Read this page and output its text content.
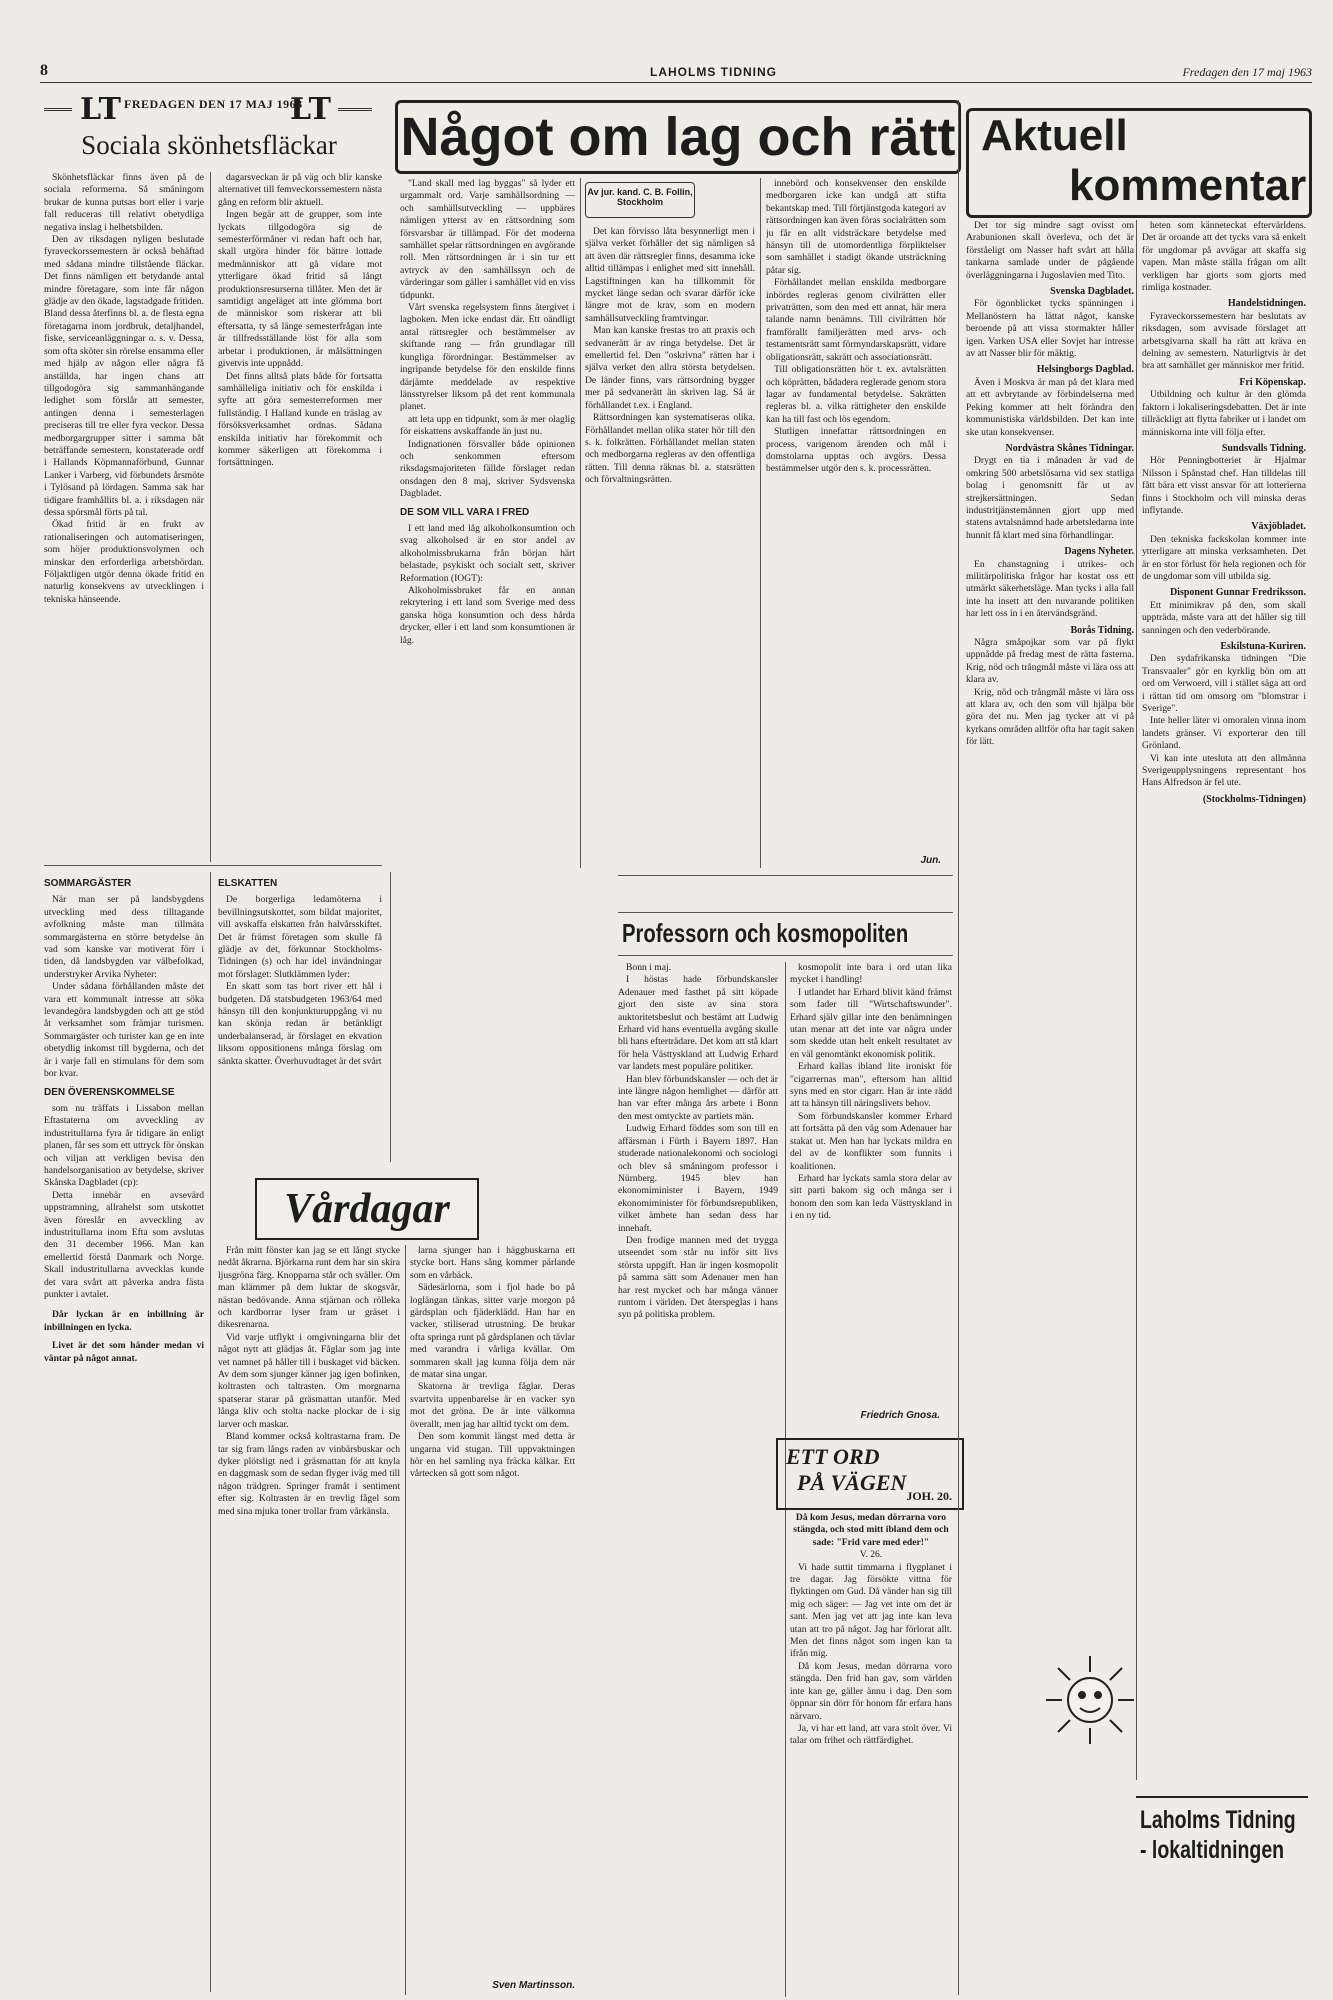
8	LAHOLMS TIDNING	Fredagen den 17 maj 1963
LT FREDAGEN DEN 17 MAJ 1963
LT
Sociala skönhetsfläckar

Skönhetsfläckar finns även på de sociala reformerna. Så småningom brukar de kunna putsas bort eller i varje fall reduceras till relativt obetydliga negativa inslag i helhetsbilden.

Den av riksdagen nyligen beslutade fyraveckorssemestern är också behäftad med sådana mindre tillstående fläckar. Det finns nämligen ett betydande antal mindre företagare, som inte får någon glädje av den ökade, lagstadgade fritiden. Bland dessa återfinns bl. a. de flesta egna företagarna inom jordbruk, detaljhandel, fiske, serviceanläggningar o. s. v. Dessa, som ofta sköter sin rörelse ensamma eller med hjälp av någon eller några få anställda, har ingen chans att tillgodogöra sig sammanhängande ledighet som förslår att semester, antingen denna i semesterlagen preciseras till tre eller fyra veckor. Dessa medborgargrupper sitter i samma båt beträffande semestern, konstaterade ordf i Hallands Köpmannaförbund, Gunnar Lanker i Varberg, vid förbundets årsmöte i Tylösand på lördagen. Samma sak har tidigare framhållits bl. a. i riksdagen när dessa spörsmål förts på tal.

Ökad fritid är en frukt av rationaliseringen och automatiseringen, som höjer produktionsvolymen och minskar den erforderliga arbetsbördan. Följaktligen utgör denna ökade fritid en naturlig konsekvens av utvecklingen i tekniska hänseende.

dagarsveckan är på väg och blir kanske alternativet till femveckorssemestern nästa gång en reform blir aktuell.

Ingen begär att de grupper, som inte lyckats tillgodogöra sig de semesterförmåner vi redan haft och har, skall utgöra hinder för bättre lottade medmänniskor att gå vidare mot ytterligare ökad fritid så långt produktionsresurserna tillåter. Men det är samtidigt angeläget att inte glömma bort de människor som riskerar att bli eftersatta, ty så länge semesterfrågan inte är tillfredsställande löst för alla som arbetar i produktionen, är målsättningen givetvis inte uppnådd.

Det finns alltså plats både för fortsatta samhälleliga initiativ och för enskilda i syfte att göra semesterreformen mer fullständig. I Halland kunde en träslag av försöksverksamhet ordnas. Sådana enskilda initiativ har förekommit och kommer säkerligen att förekomma i fortsättningen.

SOMMARGÄSTER

När man ser på landsbygdens utveckling med dess tilltagande avfolkning måste man tillmäta sommargästerna en större betydelse än vad som kanske var motiverat förr i tiden, då landsbygden var välbefolkad, understryker Arvika Nyheter:

Under sådana förhållanden måste det vara ett kommunalt intresse att söka levandegöra landsbygden och att ge stöd åt verksamhet som främjar turismen. Sommargäster och turister kan ge en inte obetydlig inkomst till bygderna, och det är i varje fall en stimulans för dem som bor kvar.

DEN ÖVERENSKOMMELSE

som nu träffats i Lissabon mellan Eftastaterna om avveckling av industritullarna fyra år tidigare än enligt planen, får ses som ett uttryck för önskan och viljan att verkligen bevisa den handelsorganisation av betydelse, skriver Skånska Dagbladet (cp):

Detta innebär en avsevärd uppstramning, allrahelst som utskottet även föreslår en avveckling av industritullarna inom Efta som avslutas den 31 december 1966. Man kan emellertid förstå Danmark och Norge. Skall industritullarna avvecklas kunde det vara svårt att påverka andra fästa punkter i avtalet.

Dår lyckan är en inbillning är inbillningen en lycka.

Livet är det som händer medan vi väntar på något annat.

ELSKATTEN

De borgerliga ledamöterna i bevillningsutskottet, som bildat majoritet, vill avskaffa elskatten från halvårsskiftet. Det är främst företagen som skulle få glädje av det, förkunnar Stockholms-Tidningen (s) och har idel invändningar mot förslaget: Slutklämmen lyder:

En skatt som tas bort river ett hål i budgeten. Då statsbudgeten 1963/64 med hänsyn till den konjunkturuppgång vi nu kan skönja redan är betänkligt underbalanserad, är förslaget en ekvation liksom oppositionens många förslag om sänkta skatter. Överhuvudtaget är det svårt

Vårdagar

Från mitt fönster kan jag se ett långt stycke nedåt åkrarna. Björkarna runt dem har sin skira ljusgröna färg. Knopparna står och sväller. Om man klämmer på dem luktar de skogsvår, nästan bedövande. Anna stjärnan och rölleka och kardborrar lyser fram ur gräset i dikesrenarna.

Vid varje utflykt i omgivningarna blir det något nytt att glädjas åt. Fåglar som jag inte vet namnet på håller till i buskaget vid bäcken. Av dem som sjunger känner jag igen bofinken, koltrasten och taltrasten. Om morgnarna spatserar starar på gräsmattan utanför. Med långa kliv och stolta nacke plockar de i sig larver och maskar.

Bland kommer också koltrastarna fram. De tar sig fram långs raden av vinbärsbuskar och dyker plötsligt ned i gräsmattan för att knyla en daggmask som de sedan flyger iväg med till någon trädgren. Springer framåt i sentiment efter sig. Koltrasten är en trevlig fågel som med sina mjuka toner trollar fram vårkänsla.

larna sjunger han i häggbuskarna ett stycke bort. Hans sång kommer pärlande som en vårbäck.

Sädesärlorna, som i fjol hade bo på loglängan tänkas, sitter varje morgon på gärdsplan och fjäderklädd. Han har en vacker, stiliserad utrustning. De brukar ofta springa runt på gårdsplanen och tävlar med varandra i vårliga kvällar. Om sommaren skall jag kunna följa dem när de matar sina ungar.

Skatorna är trevliga fåglar. Deras svartvita uppenbarelse är en vacker syn mot det gröna. De är inte välkomna överallt, men jag har alltid tyckt om dem.

Den som kommit längst med detta är ungarna vid stugan. Till uppvaktningen hör en hel samling nya fräcka kälkar. Ett vårtecken så gott som något.

Sven Martinsson.
Något om lag och rätt

"Land skall med lag byggas" så lyder ett urgammalt ord. Varje samhällsordning — och samhällsutveckling — uppbäres nämligen ytterst av en rättsordning som försvarsbar är tillämpad. För det moderna samhället spelar rättsordningen en avgörande roll. Men rättsordningen är i sin tur ett avtryck av den samhällssyn och de värderingar som gäller i samhället vid en viss tidpunkt.

Vårt svenska regelsystem finns återgivet i lagboken. Men icke endast där. Ett oändligt antal rättsregler och bestämmelser av skiftande rang — från grundlagar till kungliga förordningar. Bestämmelser av ingripande betydelse för den enskilde finns därjämte meddelade av respektive länsstyrelser liksom på det rent kommunala planet.

att leta upp en tidpunkt, som är mer olaglig för eiskattens avskaffande än just nu.

Indignationen försvaller både opinionen och senkommen eftersom riksdagsmajoriteten fällde förslaget redan onsdagen den 8 maj, skriver Sydsvenska Dagbladet.

DE SOM VILL VARA I FRED

I ett land med låg alkoholkonsumtion och svag alkoholsed är en stor andel av alkoholmissbrukarna från början härt belastade, psykiskt och socialt sett, skriver Reformation (IOGT):

Alkoholmissbruket får en annan rekrytering i ett land som Sverige med dess ganska höga konsumtion och dess hårda drycker, eller i ett land som konsumtionen är låg.

Av jur. kand. C. B. Follin, Stockholm

Det kan förvisso låta besynnerligt men i själva verket förhåller det sig nämligen så att även där rättsregler finns, desamma icke alltid tillämpas i enlighet med sitt innehåll. Lagstiftningen kan ha tillkommit för mycket länge sedan och svarar därför icke längre mot de krav, som en modern samhällsutveckling framtvingar.

Man kan kanske frestas tro att praxis och sedvanerätt är av ringa betydelse. Det är emellertid fel. Den "oskrivna" rätten har i själva verket den allra största betydelsen. De länder finns, vars rättsordning bygger mer på sedvanerätt än skriven lag. Så är förhållandet t.ex. i England.

Rättsordningen kan systematiseras olika. Förhållandet mellan olika stater hör till den s. k. folkrätten. Förhållandet mellan staten och medborgarna regleras av den offentliga rätten. Till denna räknas bl. a. statsrätten och förvaltningsrätten.

innebörd och konsekvenser den enskilde medborgaren icke kan undgå att stifta bekantskap med. Till förtjänstgoda kategori av rättsordningen kan även föras socialrätten som ju får en allt vidsträckare betydelse med hänsyn till de utomordentliga förpliktelser som samhället i stadigt ökande utsträckning påtar sig.

Förhållandet mellan enskilda medborgare inbördes regleras genom civilrätten eller privaträtten, som den med ett annat, här mera talande namn benämns. Till civilrätten hör framförallt familjerätten med arvs- och testamentsrätt samt förmyndarskapsrätt, vidare obligationsrätt, sakrätt och associationsrätt.

Till obligationsrätten hör t. ex. avtalsrätten och köprätten, bådadera reglerade genom stora lagar av fundamental betydelse. Sakrätten regleras bl. a. vilka rättigheter den enskilde kan ha till fast och lös egendom.

Slutligen innefattar rättsordningen en process, varigenom ärenden och mål i domstolarna upptas och avgörs. Dessa bestämmelser utgör den s. k. processrätten.

Jun.
Professorn och kosmopoliten

Bonn i maj.

I höstas hade förbundskansler Adenauer med fasthet på sitt köpade gjort den siste av sina stora auktoritetsbeslut och bestämt att Ludwig Erhard vid hans eventuella avgång skulle bli hans efterträdare. Det kom att stå klart för hela Västtyskland att Ludwig Erhard var landets mest populäre politiker.

Han blev förbundskansler — och det är inte längre någon hemlighet — därför att han var efter många års arbete i Bonn den mest omtyckte av partiets män.

Ludwig Erhard föddes som son till en affärsman i Fürth i Bayern 1897. Han studerade nationalekonomi och sociologi och blev så småningom professor i Nürnberg. 1945 blev han ekonomiminister i Bayern, 1949 ekonomiminister för förbundsrepubliken, vilket ämbete han sedan dess har innehaft.

Den frodige mannen med det trygga utseendet som står nu inför sitt livs största uppgift. Han är ingen kosmopolit på samma sätt som Adenauer men han har rest mycket och har många vänner runtom i världen. Det återspeglas i hans syn på politiska problem.

kosmopolit inte bara i ord utan lika mycket i handling!

I utlandet har Erhard blivit känd främst som fader till "Wirtschaftswunder". Erhard själv gillar inte den benämningen utan menar att det inte var några under som skedde utan helt enkelt resultatet av en väl genomtänkt ekonomisk politik.

Erhard kallas ibland lite ironiskt för "cigarrernas man", eftersom han alltid syns med en stor cigarr. Han är inte rädd att ta hänsyn till näringslivets behov.

Som förbundskansler kommer Erhard att fortsätta på den väg som Adenauer har stakat ut. Men han har lyckats mildra en del av de konflikter som funnits i koalitionen.

Erhard har lyckats samla stora delar av sitt parti bakom sig och många ser i honom den som kan leda Västtyskland in i en ny tid.

Friedrich Gnosa.
ETT ORD
PÅ VÄGEN
JOH. 20.

Då kom Jesus, medan dörrarna voro stängda, och stod mitt ibland dem och sade: "Frid vare med eder!"

V. 26.

Vi hade suttit timmarna i flygplanet i tre dagar. Jag försökte vittna för flyktingen om Gud. Då vänder han sig till mig och säger: — Jag vet inte om det är sant. Men jag vet att jag inte kan leva utan att tro på något. Jag har förlorat allt. Men det finns något som ingen kan ta ifrån mig.

Då kom Jesus, medan dörrarna voro stängda. Den frid han gav, som världen inte kan ge, gäller ännu i dag. Den som öppnar sin dörr för honom får erfara hans närvaro.

Ja, vi har ett land, att vara stolt över. Vi talar om frihet och rättfärdighet.

Aktuell
kommentar

Det tor sig mindre sagt ovisst om Arabunionen skall överleva, och det är förståeligt om Nasser haft svårt att hålla tankarna samlade under de pågående överläggningarna i Jugoslavien med Tito.

Svenska Dagbladet.

För ögonblicket tycks spänningen i Mellanöstern ha lättat något, kanske beroende på att vissa stormakter håller igen. Varken USA eller Sovjet har intresse av att Nasser blir för mäktig.

Helsingborgs Dagblad.

Även i Moskva är man på det klara med att ett avbrytande av förbindelserna med Peking kommer att helt förändra den kommunistiska världsbilden. Det kan inte ske utan konsekvenser.

Nordvästra Skånes Tidningar.

Drygt en tia i månaden är vad de omkring 500 arbetslösarna vid sex statliga bolag i genomsnitt får ut av strejkersättningen. Sedan industritjänstemännen gjort upp med statens avtalsnämnd hade arbetsledarna inte hunnit få klart med sina förhandlingar.

Dagens Nyheter.

En chanstagning i utrikes- och militärpolitiska frågor har kostat oss ett utmärkt säkerhetsläge. Man tycks i alla fall inte ha insett att den nuvarande politiken har lett oss in i en återvändsgränd.

Borås Tidning.

Några småpojkar som var på flykt uppnådde på fredag mest de rätta fasterna. Krig, nöd och trångmål måste vi lära oss att klara av.

Krig, nöd och trångmål måste vi lära oss att klara av, och den som vill hjälpa bör göra det nu. Men jag tycker att vi på kyrkans områden alltför ofta har tagit saken för lätt.

heten som känneteckat eftervärldens. Det är oroande att det tycks vara så enkelt för ungdomar på avvägar att skaffa sig vapen. Man måste ställa frågan om allt verkligen har gjorts som gjorts med rimliga kostnader.

Handelstidningen.

Fyraveckorssemestern har beslutats av riksdagen, som avvisade förslaget att arbetsgivarna skall ha rätt att kräva en delning av semestern. Naturligtvis är det bra att samhället ger människor mer fritid.

Fri Köpenskap.

Utbildning och kultur är den glömda faktorn i lokaliseringsdebatten. Det är inte tillräckligt att flytta fabriker ut i landet om människorna inte vill följa efter.

Sundsvalls Tidning.

Hör Penningbotteriet är Hjalmar Nilsson i Spånstad chef. Han tilldelas till fått bära ett visst ansvar för att lotterierna finns i Stockholm och vill minska deras inflytande.

Växjöbladet.

Den tekniska fackskolan kommer inte ytterligare att minska verksamheten. Det är en stor förlust för hela regionen och för de ungdomar som vill utbilda sig.

Disponent Gunnar Fredriksson.

Ett minimikrav på den, som skall uppträda, måste vara att det håller sig till sanningen och den vederbörande.

Eskilstuna-Kuriren.

Den sydafrikanska tidningen "Die Transvaaler" gör en kyrklig bön om att ord om Verwoerd, vill i stället säga att ord i rättan tid om omsorg om "blomstrar i Sverige".

Inte heller läter vi omoralen vinna inom landets gränser. Vi exporterar den till Grönland.

Vi kan inte utesluta att den allmänna Sverigeupplysningens representant hos Hans Alfredson är fel ute.

(Stockholms-Tidningen)
Laholms Tidning
- lokaltidningen
